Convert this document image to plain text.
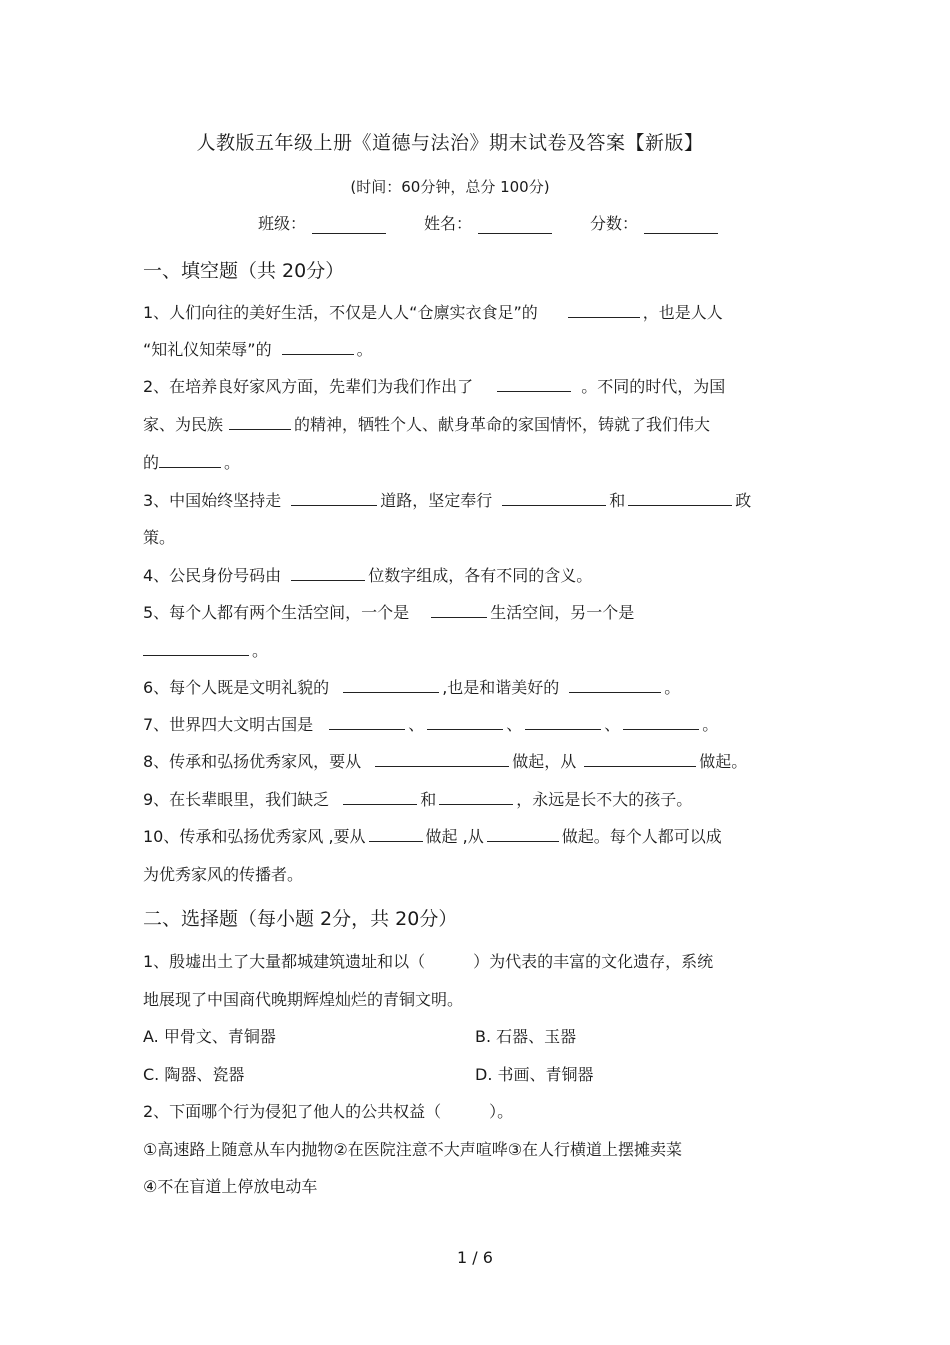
人教版五年级上册《道德与法治》期末试卷及答案【新版】
(时间：60分钟，总分 100分)
班级：	姓名：	分数：
一、填空题（共 20分）
1、人们向往的美好生活，不仅是人人“仓廪实衣食足”的	，也是人人
“知礼仪知荣辱”的	。
2、在培养良好家风方面，先辈们为我们作出了	。不同的时代，为国
家、为民族	的精神，牺牲个人、献身革命的家国情怀，铸就了我们伟大
的	。
3、中国始终坚持走	道路，坚定奉行	和	政
策。
4、公民身份号码由	位数字组成，各有不同的含义。
5、每个人都有两个生活空间，一个是	生活空间，另一个是
。
6、每个人既是文明礼貌的	,也是和谐美好的	。
7、世界四大文明古国是	、	、	、	。
8、传承和弘扬优秀家风，要从	做起，从	做起。
9、在长辈眼里，我们缺乏	和	，永远是长不大的孩子。
10、传承和弘扬优秀家风 ,要从	做起 ,从	做起。每个人都可以成
为优秀家风的传播者。
二、选择题（每小题 2分，共 20分）
1、殷墟出土了大量都城建筑遗址和以（　　　）为代表的丰富的文化遗存，系统
地展现了中国商代晚期辉煌灿烂的青铜文明。
A. 甲骨文、青铜器	B. 石器、玉器
C. 陶器、瓷器	D. 书画、青铜器
2、下面哪个行为侵犯了他人的公共权益（　　　）。
①高速路上随意从车内抛物②在医院注意不大声喧哗③在人行横道上摆摊卖菜
④不在盲道上停放电动车
1 / 6
